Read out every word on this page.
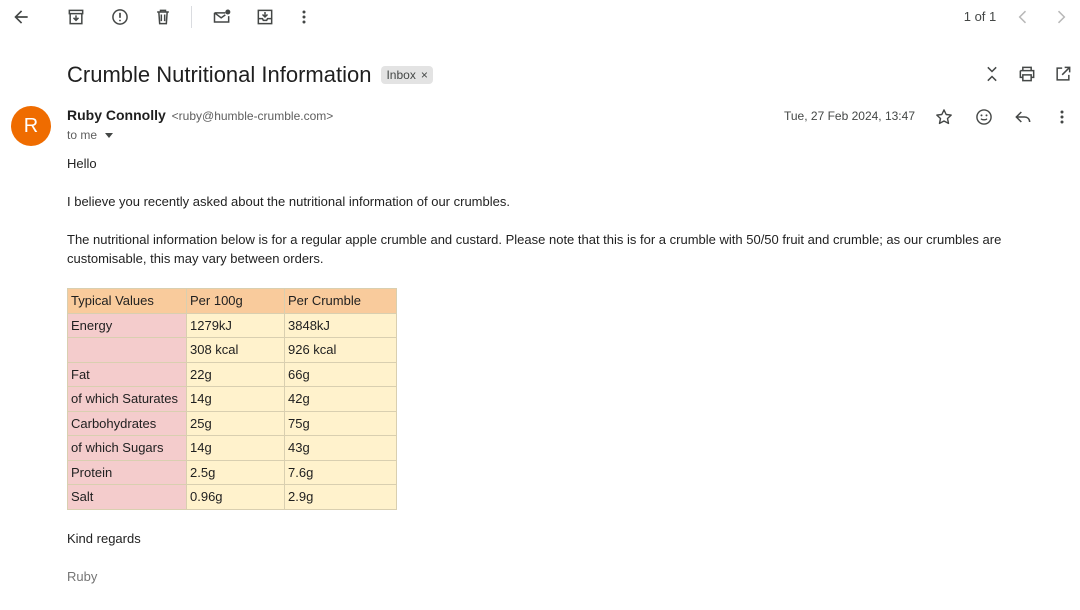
1 of 1
Crumble Nutritional Information Inbox ×
R	Ruby Connolly <ruby@humble-crumble.com>
to me
Tue, 27 Feb 2024, 13:47

Hello

I believe you recently asked about the nutritional information of our crumbles.

The nutritional information below is for a regular apple crumble and custard. Please note that this is for a crumble with 50/50 fruit and crumble; as our crumbles are customisable, this may vary between orders.

Typical Values	Per 100g	Per Crumble
Energy	1279kJ	3848kJ
	308 kcal	926 kcal
Fat	22g	66g
of which Saturates	14g	42g
Carbohydrates	25g	75g
of which Sugars	14g	43g
Protein	2.5g	7.6g
Salt	0.96g	2.9g

Kind regards

Ruby
